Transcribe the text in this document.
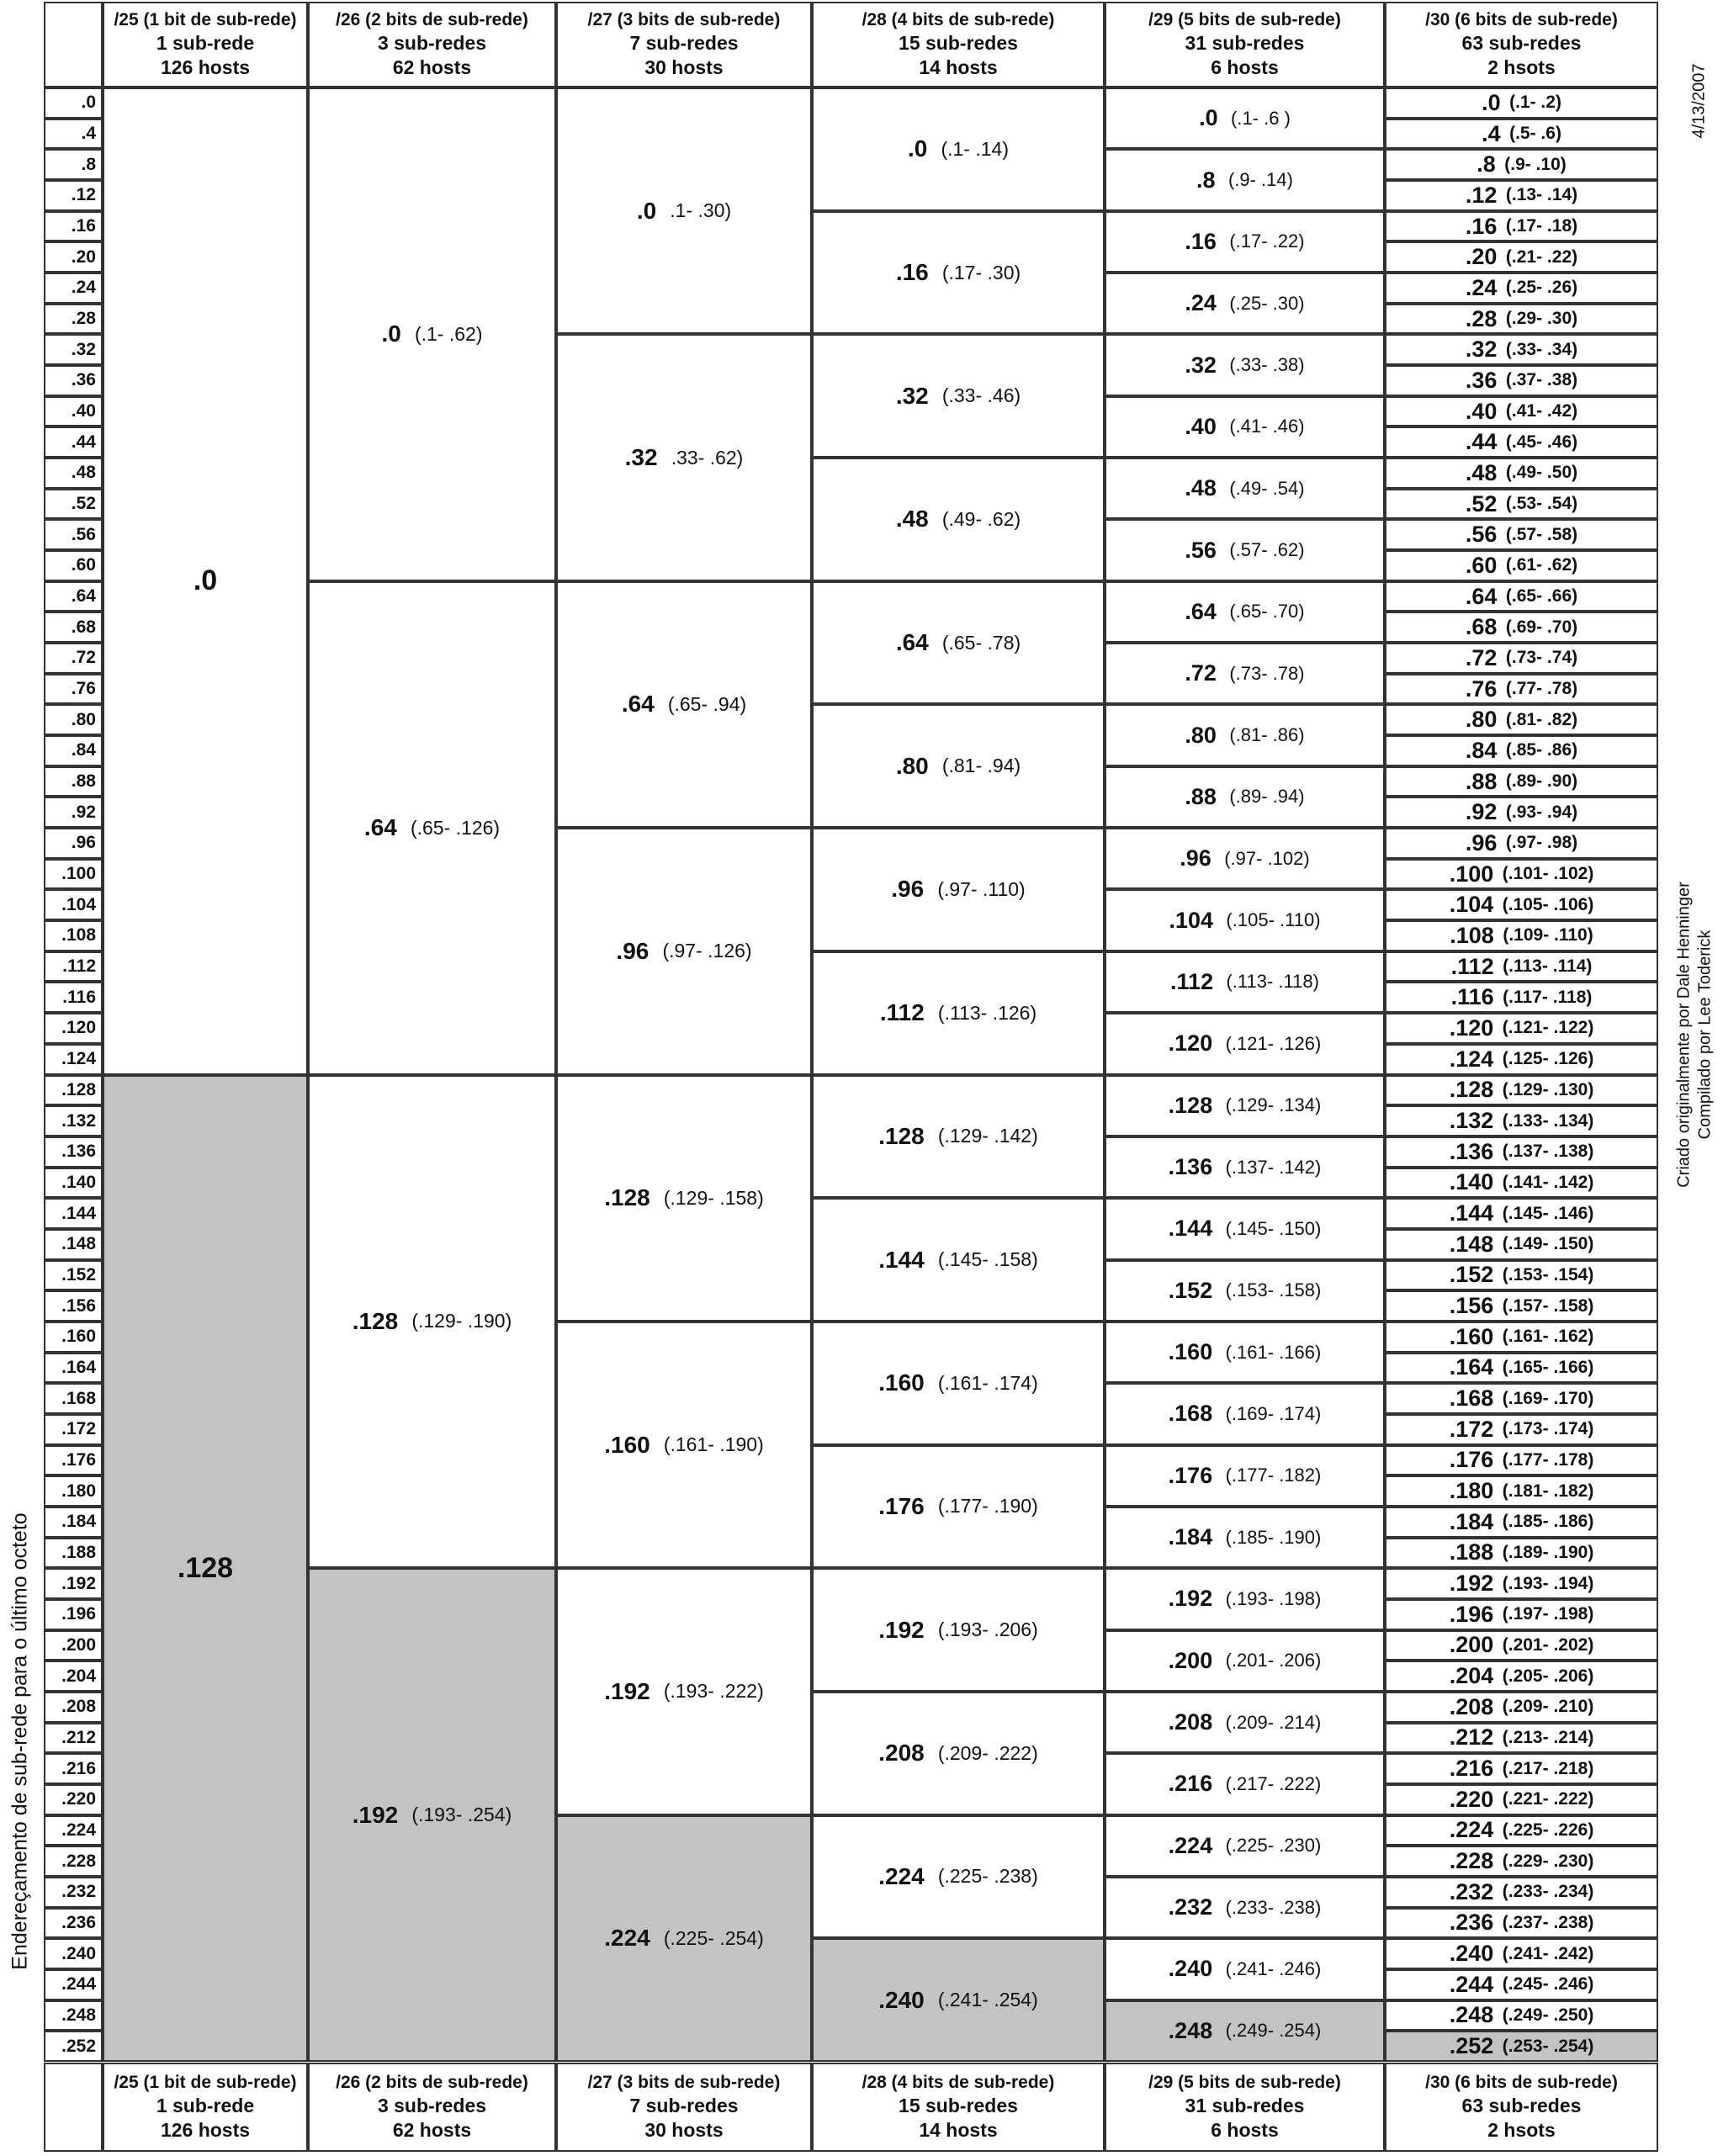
Endereçamento de sub-rede para o último octeto
4/13/2007
Criado originalmente por Dale Henninger Compilado por Lee Toderick
/25 (1 bit de sub-rede)
1 sub-rede
126 hosts
/26 (2 bits de sub-rede)
3 sub-redes
62 hosts
/27 (3 bits de sub-rede)
7 sub-redes
30 hosts
/28 (4 bits de sub-rede)
15 sub-redes
14 hosts
/29 (5 bits de sub-rede)
31 sub-redes
6 hosts
/30 (6 bits de sub-rede)
63 sub-redes
2 hsots
/25 (1 bit de sub-rede)
1 sub-rede
126 hosts
/26 (2 bits de sub-rede)
3 sub-redes
62 hosts
/27 (3 bits de sub-rede)
7 sub-redes
30 hosts
/28 (4 bits de sub-rede)
15 sub-redes
14 hosts
/29 (5 bits de sub-rede)
31 sub-redes
6 hosts
/30 (6 bits de sub-rede)
63 sub-redes
2 hsots
.0
.4
.8
.12
.16
.20
.24
.28
.32
.36
.40
.44
.48
.52
.56
.60
.64
.68
.72
.76
.80
.84
.88
.92
.96
.100
.104
.108
.112
.116
.120
.124
.128
.132
.136
.140
.144
.148
.152
.156
.160
.164
.168
.172
.176
.180
.184
.188
.192
.196
.200
.204
.208
.212
.216
.220
.224
.228
.232
.236
.240
.244
.248
.252
.0
.128
.0 (.1- .62)
.64 (.65- .126)
.128 (.129- .190)
.192 (.193- .254)
.0 .1- .30)
.32 .33- .62)
.64 (.65- .94)
.96 (.97- .126)
.128 (.129- .158)
.160 (.161- .190)
.192 (.193- .222)
.224 (.225- .254)
.0 (.1- .14)
.16 (.17- .30)
.32 (.33- .46)
.48 (.49- .62)
.64 (.65- .78)
.80 (.81- .94)
.96 (.97- .110)
.112 (.113- .126)
.128 (.129- .142)
.144 (.145- .158)
.160 (.161- .174)
.176 (.177- .190)
.192 (.193- .206)
.208 (.209- .222)
.224 (.225- .238)
.240 (.241- .254)
.0 (.1- .6 )
.8 (.9- .14)
.16 (.17- .22)
.24 (.25- .30)
.32 (.33- .38)
.40 (.41- .46)
.48 (.49- .54)
.56 (.57- .62)
.64 (.65- .70)
.72 (.73- .78)
.80 (.81- .86)
.88 (.89- .94)
.96 (.97- .102)
.104 (.105- .110)
.112 (.113- .118)
.120 (.121- .126)
.128 (.129- .134)
.136 (.137- .142)
.144 (.145- .150)
.152 (.153- .158)
.160 (.161- .166)
.168 (.169- .174)
.176 (.177- .182)
.184 (.185- .190)
.192 (.193- .198)
.200 (.201- .206)
.208 (.209- .214)
.216 (.217- .222)
.224 (.225- .230)
.232 (.233- .238)
.240 (.241- .246)
.248 (.249- .254)
.0 (.1- .2)
.4 (.5- .6)
.8 (.9- .10)
.12 (.13- .14)
.16 (.17- .18)
.20 (.21- .22)
.24 (.25- .26)
.28 (.29- .30)
.32 (.33- .34)
.36 (.37- .38)
.40 (.41- .42)
.44 (.45- .46)
.48 (.49- .50)
.52 (.53- .54)
.56 (.57- .58)
.60 (.61- .62)
.64 (.65- .66)
.68 (.69- .70)
.72 (.73- .74)
.76 (.77- .78)
.80 (.81- .82)
.84 (.85- .86)
.88 (.89- .90)
.92 (.93- .94)
.96 (.97- .98)
.100 (.101- .102)
.104 (.105- .106)
.108 (.109- .110)
.112 (.113- .114)
.116 (.117- .118)
.120 (.121- .122)
.124 (.125- .126)
.128 (.129- .130)
.132 (.133- .134)
.136 (.137- .138)
.140 (.141- .142)
.144 (.145- .146)
.148 (.149- .150)
.152 (.153- .154)
.156 (.157- .158)
.160 (.161- .162)
.164 (.165- .166)
.168 (.169- .170)
.172 (.173- .174)
.176 (.177- .178)
.180 (.181- .182)
.184 (.185- .186)
.188 (.189- .190)
.192 (.193- .194)
.196 (.197- .198)
.200 (.201- .202)
.204 (.205- .206)
.208 (.209- .210)
.212 (.213- .214)
.216 (.217- .218)
.220 (.221- .222)
.224 (.225- .226)
.228 (.229- .230)
.232 (.233- .234)
.236 (.237- .238)
.240 (.241- .242)
.244 (.245- .246)
.248 (.249- .250)
.252 (.253- .254)
